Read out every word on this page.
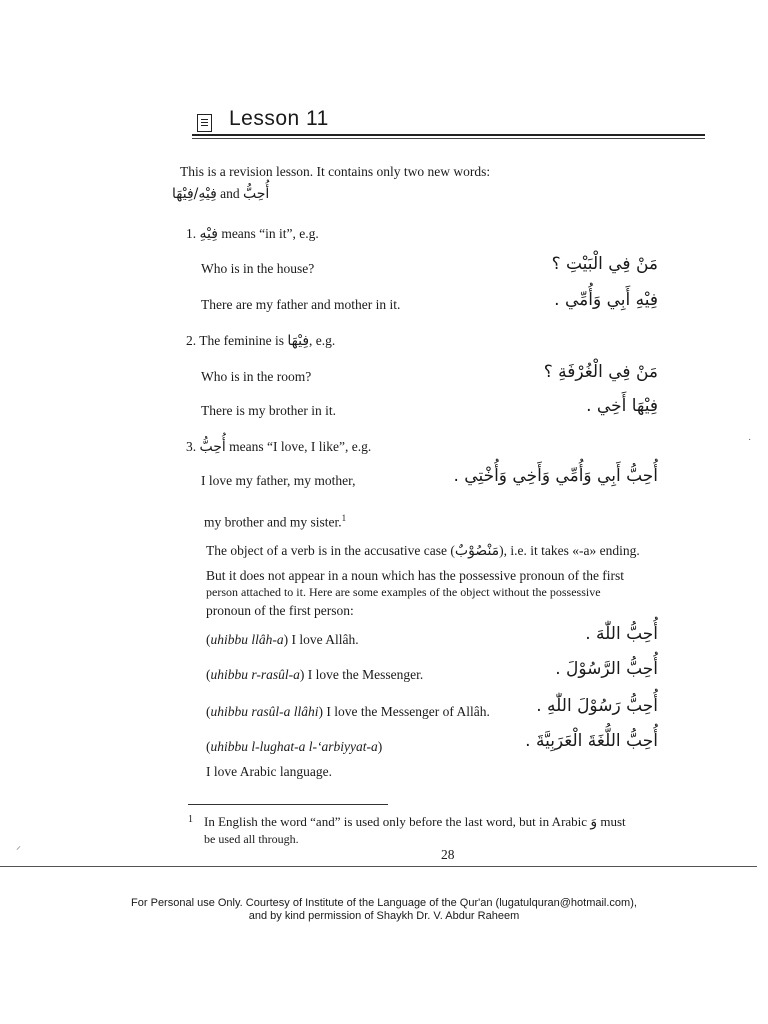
Lesson 11
This is a revision lesson. It contains only two new words:
فِيْهِ/فِيْهَا and أُحِبُّ
1. فِيْهِ means “in it”, e.g.
Who is in the house?	مَنْ فِي الْبَيْتِ ؟
There are my father and mother in it.	فِيْهِ أَبِي وَأُمِّي .
2. The feminine is فِيْهَا, e.g.
Who is in the room?	مَنْ فِي الْغُرْفَةِ ؟
There is my brother in it.	فِيْهَا أَخِي .
3. أُحِبُّ means “I love, I like”, e.g.
I love my father, my mother,	أُحِبُّ أَبِي وَأُمِّي وَأَخِي وَأُخْتِي .
my brother and my sister.$^1$
The object of a verb is in the accusative case (مَنْصُوْبٌ), i.e. it takes «-a» ending.
But it does not appear in a noun which has the possessive pronoun of the first
person attached to it. Here are some examples of the object without the possessive
pronoun of the first person:
(uhibbu llâh-a) I love Allâh.	أُحِبُّ اللّٰهَ .
(uhibbu r-rasûl-a) I love the Messenger.	أُحِبُّ الرَّسُوْلَ .
(uhibbu rasûl-a llâhi) I love the Messenger of Allâh.	أُحِبُّ رَسُوْلَ اللّٰهِ .
(uhibbu l-lughat-a l-‘arbiyyat-a)	أُحِبُّ اللُّغَةَ الْعَرَبِيَّةَ .
I love Arabic language.
1 In English the word “and” is used only before the last word, but in Arabic وَ must
be used all through.
28
For Personal use Only. Courtesy of Institute of the Language of the Qur'an (lugatulquran@hotmail.com),
and by kind permission of Shaykh Dr. V. Abdur Raheem
⸝
·
